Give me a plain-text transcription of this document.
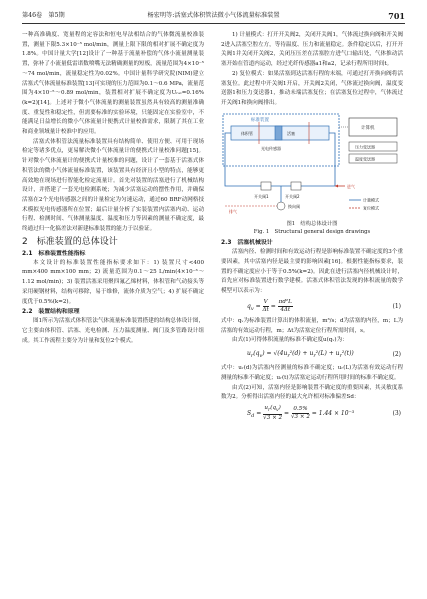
第46卷　第5期	杨宏明等:活塞式体积管法微小气体流量标准装置	701

一种高准确度、宽量程的定容法和恒电导法相结合的气体微流量校准装置，测量下限5.3×10⁻⁵ mol/min，测量上限下限的相对扩展不确定度为1.8%。中国计量大学[12]设计了一种基于流量补偿的气体小流量测量装置，弥补了小流量低雷诺数喷嘴无法精确测量的短板，流量范围为4×10⁻⁵～74 mol/min，流量稳定性为0.02%。中国计量科学研究院(NIM)建立活塞式气体流量标准装置[13]可实现的压力范围为0.1～0.6 MPa，流量范围为4×10⁻⁵～0.89 mol/min，装置相对扩展不确定度为Uᵣₑₗ=0.16%(k=2)[14]。上述对于微小气体流量的测量装置虽然具有较高的测量准确度、重复性和稳定性，但需要标准的实验环境，只能固定在实验室中，不能满足日益增长的微小气体流量计便携式计量校准需求，限制了其在工业和商业领域量计校准中的应用。

活塞式体积管法流量标准装置具有结构简单、使用方便、可用于现场检定等诸多优点，更易解决微小气体流量计的便携式计量校准问题[15]。针对微小气体流量计的便携式计量校准的问题，设计了一套基于活塞式体积管法的微小气体流量标准装置，该装置具有经济且小型的特点，能够更高效地在现场进行智能化检定流量计。首先对装置的活塞进行了机械结构设计，并搭建了一套光电检测系统；为减少活塞运动的摆性作用，并确保活塞在2个光电传感器之间的计量检定为匀速运动，通过60 BRF动网格技术模拟光电传感器所在位置；最后计量分析了实装装置内活塞内动、运动行程、检测时间、气体测量温度、温度和压力等因素的测量不确定度，最终通过归一化搞差法对新建标准装置的能力于以验证。

2　标准装置的总体设计

2.1　标准装置性能指标

本文设计的标准装置性能指标要求如下：1) 装置尺寸<400 mm×400 mm×100 mm；2) 流量范围为0.1～25 L/min(4×10⁻³～1.12 mol/min)；3) 装置活塞采用聚四氟乙烯材料，体积管和气动接头等采用硬钢材料，结构可移除，易于维修，流体介质为空气；4) 扩展不确定度优于0.5%(k=2)。

2.2　装置结构和原理

图1所示为活塞式体积管法气体流量标准装置搭建的结构总体设计图，它主要由体积管、活塞、光电检测、压力温度测量、阀门及多管路设计组成。其工作流程主要分为计量和复位2个模式。

1) 计量模式：打开开关阀2，关闭开关阀1，气体流过换向阀和开关阀2进入活塞空腔左方，等待温度、压力和流量稳定。条件稳定以后，打开开关阀1并关闭开关阀2，关闭压压差在活塞腔方进气口输出处，气体推动活塞开始在管道内运动，经过光纤传感器a1和a2，记录行程所用时间t。

2) 复位模式：如果活塞到达活塞行程的末端，可通过打开换向阀将活塞复位。此过程中开关阀1开启，开关阀2关闭，气体流过换向阀，温度变送器1和压力变送器1，推动未端活塞复位；在活塞复位过程中，气体流过开关阀1和换向阀排出。

标准装置
体积管	活塞
光电传感器
计算机
压力变送器
温度变送器
开关阀1	开关阀2
换向阀
进气
排气
计量模式
复位模式
图1　结构总体设计图
Fig. 1　Structural general design drawings

2.3　活塞机械设计

活塞内径、检测时间和有效运动行程是影响标准装置不确定度的3个重要因素，其中活塞内径是最主要的影响因素[16]。根据性能指标要求，装置的不确定度应小于等于0.5%(k=2)。因此在进行活塞内径机械设计时，首先应对标准装置进行数学建模。活塞式体积管法发现的体积流量的数学模型可以表示为：

$q_v = \frac{V}{\Delta t} = \frac{\text{πd²L}}{4\Delta t}$	(1)

式中：qᵥ为标准装置计算出的体积流量，m³/s；d为活塞的内径，m；L为活塞的有效运动行程，m；Δt为活塞定位行程所需时间，s。

由式(1)可得体积流量的标准不确定度u(qᵥ)为：

$u_r(q_v) = √(4u_r^2(d) + u_r^2(L) + u_r^2(t))$	(2)

式中：uᵣ(d)为活塞内径测量的标准不确定度；uᵣ(L)为活塞有效运动行程测量的标准不确定度；uᵣ(t)为活塞定运动行程所用时间的标准不确定度。

由式(2)可知，活塞内径是影响装置不确定度的重要因素，其灵敏度系数为2。分析得出活塞内径的最大允许相对标准偏差Sd：

$S_d = \frac{u_r(q_v)}{√3 \times 2} = \frac{0.5\%}{√3 \times 2} = 1.44 \times 10^{-3}$	(3)
